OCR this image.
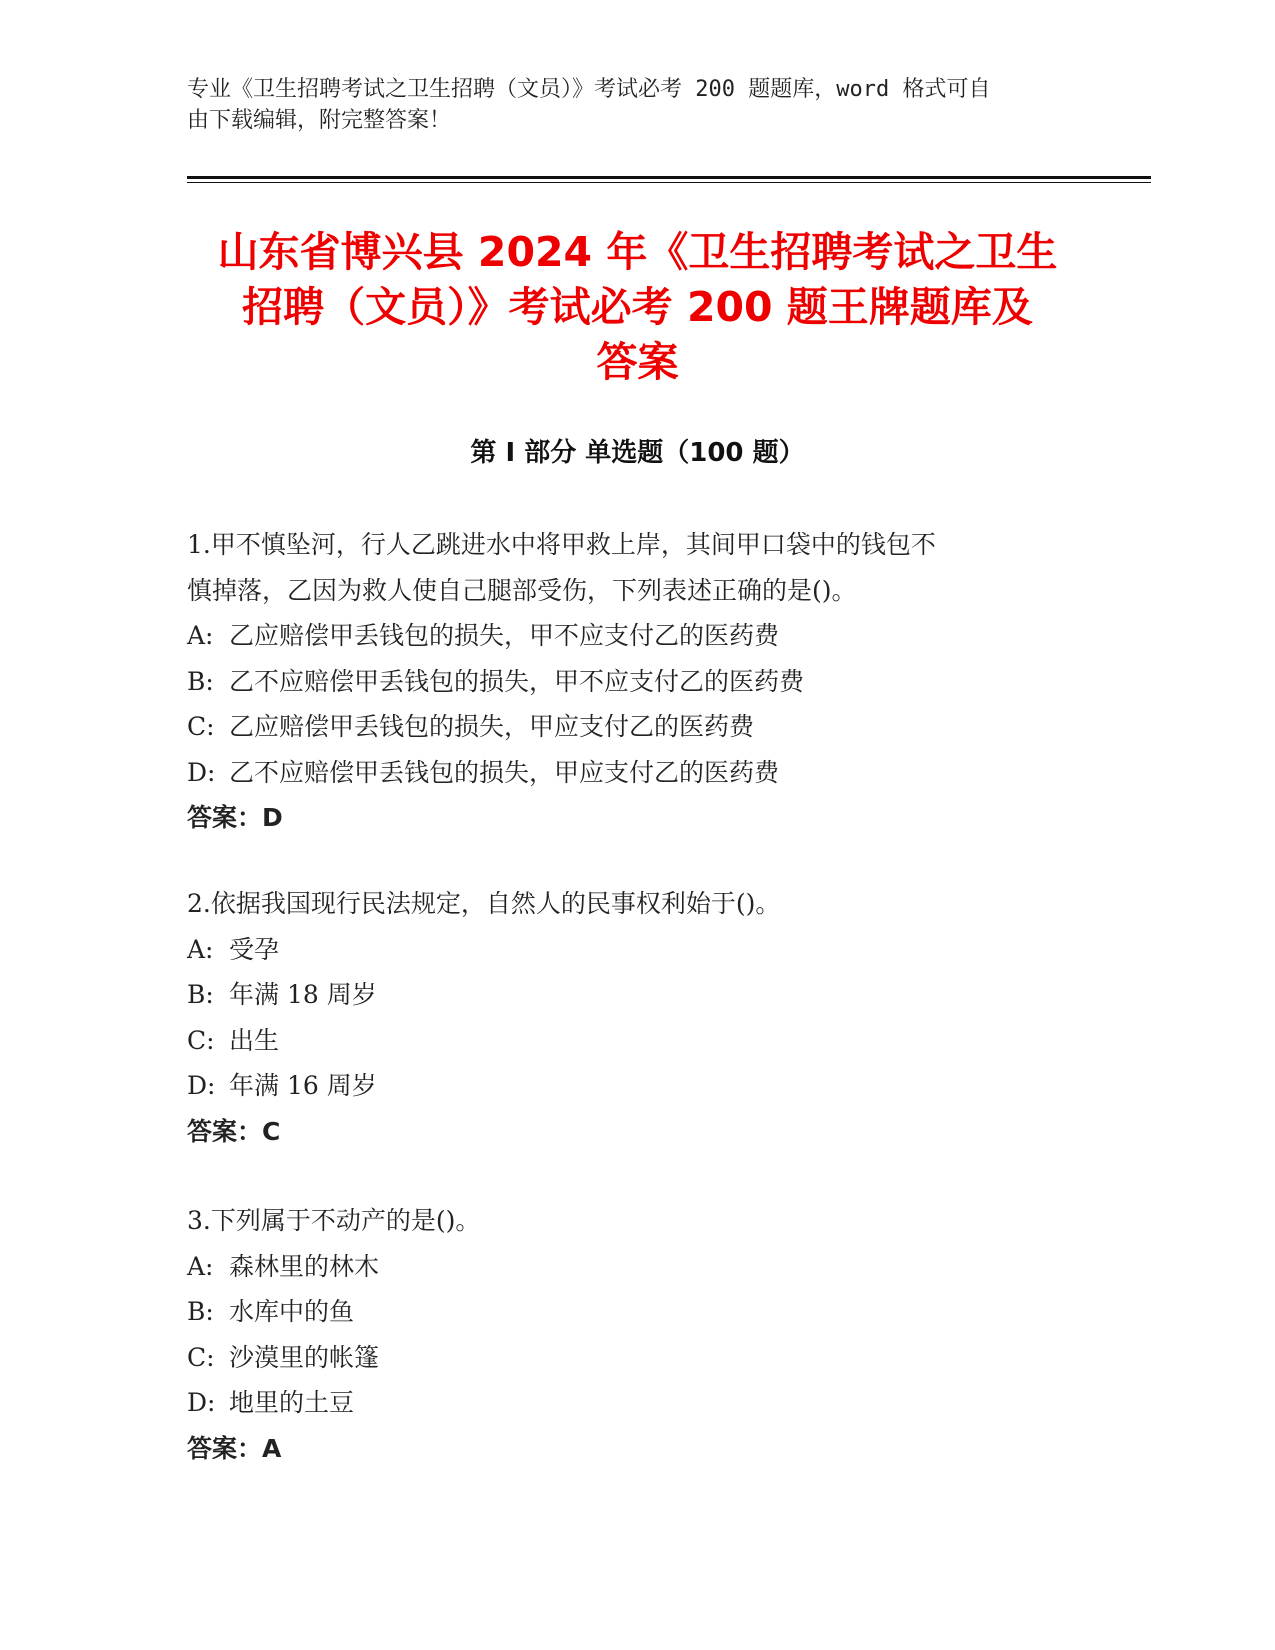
专业《卫生招聘考试之卫生招聘（文员）》考试必考 200 题题库，word 格式可自
由下载编辑，附完整答案！
山东省博兴县 2024 年《卫生招聘考试之卫生
招聘（文员）》考试必考 200 题王牌题库及
答案
第 I 部分 单选题（100 题）
1.甲不慎坠河，行人乙跳进水中将甲救上岸，其间甲口袋中的钱包不
慎掉落，乙因为救人使自己腿部受伤，下列表述正确的是()。
A: 乙应赔偿甲丢钱包的损失，甲不应支付乙的医药费
B: 乙不应赔偿甲丢钱包的损失，甲不应支付乙的医药费
C: 乙应赔偿甲丢钱包的损失，甲应支付乙的医药费
D: 乙不应赔偿甲丢钱包的损失，甲应支付乙的医药费
答案：D
2.依据我国现行民法规定，自然人的民事权利始于()。
A: 受孕
B: 年满 18 周岁
C: 出生
D: 年满 16 周岁
答案：C
3.下列属于不动产的是()。
A: 森林里的林木
B: 水库中的鱼
C: 沙漠里的帐篷
D: 地里的土豆
答案：A
